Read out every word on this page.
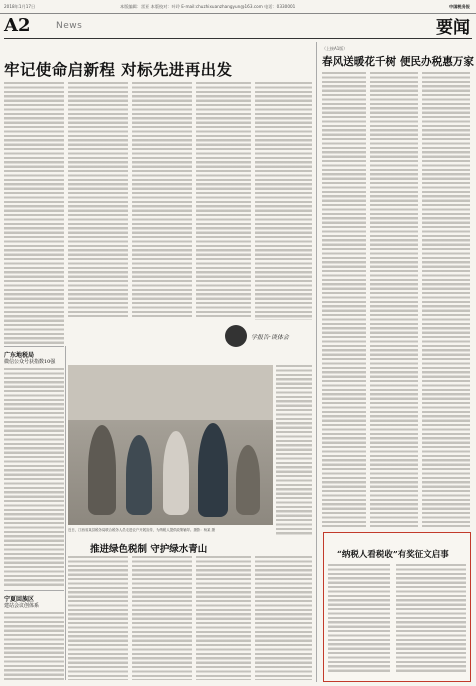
2018年1月17日	本版编辑：雷亚 本版校对：叶玲 E-mail:chuzhixuanzhangyun@163.com 电话：0330001	中国税务报
A2	News	要闻
牢记使命启新程 对标先进再出发
学报告·谈体会
广东地税局
微信公众号获指数10强
宁夏回族区
建站会议创体系
近日，江西省某县税务局联合税务人员走进农户开展宣传，为纳税人提供政策辅导。摄影：杨某 摄
推进绿色税制 守护绿水青山
（上接A1版）
春风送暖花千树 便民办税惠万家
“纳税人看税收”有奖征文启事
